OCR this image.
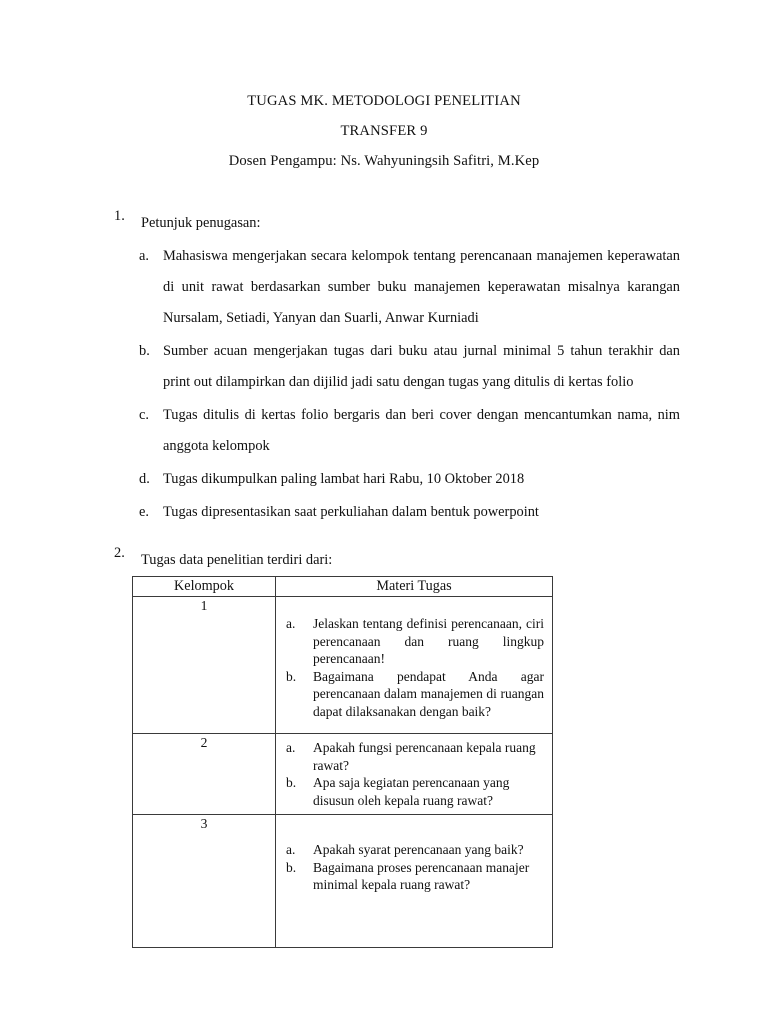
TUGAS MK. METODOLOGI PENELITIAN
TRANSFER 9
Dosen Pengampu: Ns. Wahyuningsih Safitri, M.Kep
1.	Petunjuk penugasan:
a. Mahasiswa mengerjakan secara kelompok tentang perencanaan manajemen keperawatan di unit rawat berdasarkan sumber buku manajemen keperawatan misalnya karangan Nursalam, Setiadi, Yanyan dan Suarli, Anwar Kurniadi
b. Sumber acuan mengerjakan tugas dari buku atau jurnal minimal 5 tahun terakhir dan print out dilampirkan dan dijilid jadi satu dengan tugas yang ditulis di kertas folio
c. Tugas ditulis di kertas folio bergaris dan beri cover dengan mencantumkan nama, nim anggota kelompok
d. Tugas dikumpulkan paling lambat hari Rabu, 10 Oktober 2018
e. Tugas dipresentasikan saat perkuliahan dalam bentuk powerpoint
2.	Tugas data penelitian terdiri dari:
Kelompok	Materi Tugas
1	a. Jelaskan tentang definisi perencanaan, ciri perencanaan dan ruang lingkup perencanaan!
b. Bagaimana pendapat Anda agar perencanaan dalam manajemen di ruangan dapat dilaksanakan dengan baik?

2	a. Apakah fungsi perencanaan kepala ruang rawat?
b. Apa saja kegiatan perencanaan yang disusun oleh kepala ruang rawat?

3	a. Apakah syarat perencanaan yang baik?
b. Bagaimana proses perencanaan manajer minimal kepala ruang rawat?
